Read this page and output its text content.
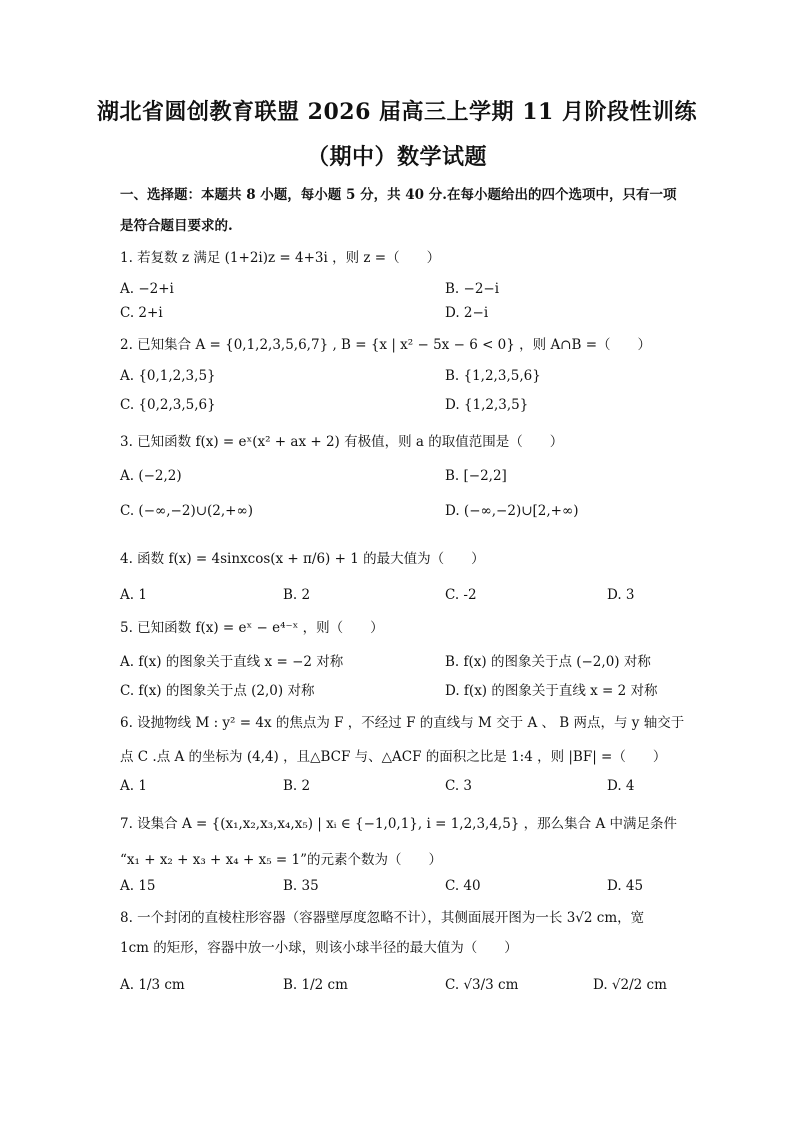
湖北省圆创教育联盟 2026 届高三上学期 11 月阶段性训练
（期中）数学试题
一、选择题：本题共 8 小题，每小题 5 分，共 40 分.在每小题给出的四个选项中，只有一项是符合题目要求的.
1. 若复数 z 满足 (1+2i)z = 4+3i ，则 z =（　　）
A. −2+i	B. −2−i
C. 2+i	D. 2−i
2. 已知集合 A = {0,1,2,3,5,6,7} , B = {x | x² − 5x − 6 < 0} ，则 A∩B =（　　）
A. {0,1,2,3,5}	B. {1,2,3,5,6}
C. {0,2,3,5,6}	D. {1,2,3,5}
3. 已知函数 f(x) = eˣ(x² + ax + 2) 有极值，则 a 的取值范围是（　　）
A. (−2,2)	B. [−2,2]
C. (−∞,−2)∪(2,+∞)	D. (−∞,−2)∪[2,+∞)
4. 函数 f(x) = 4sinxcos(x + π/6) + 1 的最大值为（　　）
A. 1	B. 2	C. -2	D. 3
5. 已知函数 f(x) = eˣ − e⁴⁻ˣ ，则（　　）
A. f(x) 的图象关于直线 x = −2 对称	B. f(x) 的图象关于点 (−2,0) 对称
C. f(x) 的图象关于点 (2,0) 对称	D. f(x) 的图象关于直线 x = 2 对称
6. 设抛物线 M : y² = 4x 的焦点为 F ，不经过 F 的直线与 M 交于 A 、 B 两点，与 y 轴交于
点 C .点 A 的坐标为 (4,4) ，且△BCF 与、△ACF 的面积之比是 1:4 ，则 |BF| =（　　）
A. 1	B. 2	C. 3	D. 4
7. 设集合 A = {(x₁,x₂,x₃,x₄,x₅) | xᵢ ∈ {−1,0,1}, i = 1,2,3,4,5} ，那么集合 A 中满足条件
“x₁ + x₂ + x₃ + x₄ + x₅ = 1”的元素个数为（　　）
A. 15	B. 35	C. 40	D. 45
8. 一个封闭的直棱柱形容器（容器壁厚度忽略不计），其侧面展开图为一长 3√2 cm，宽
1cm 的矩形，容器中放一小球，则该小球半径的最大值为（　　）
A. 1/3 cm	B. 1/2 cm	C. √3/3 cm	D. √2/2 cm
